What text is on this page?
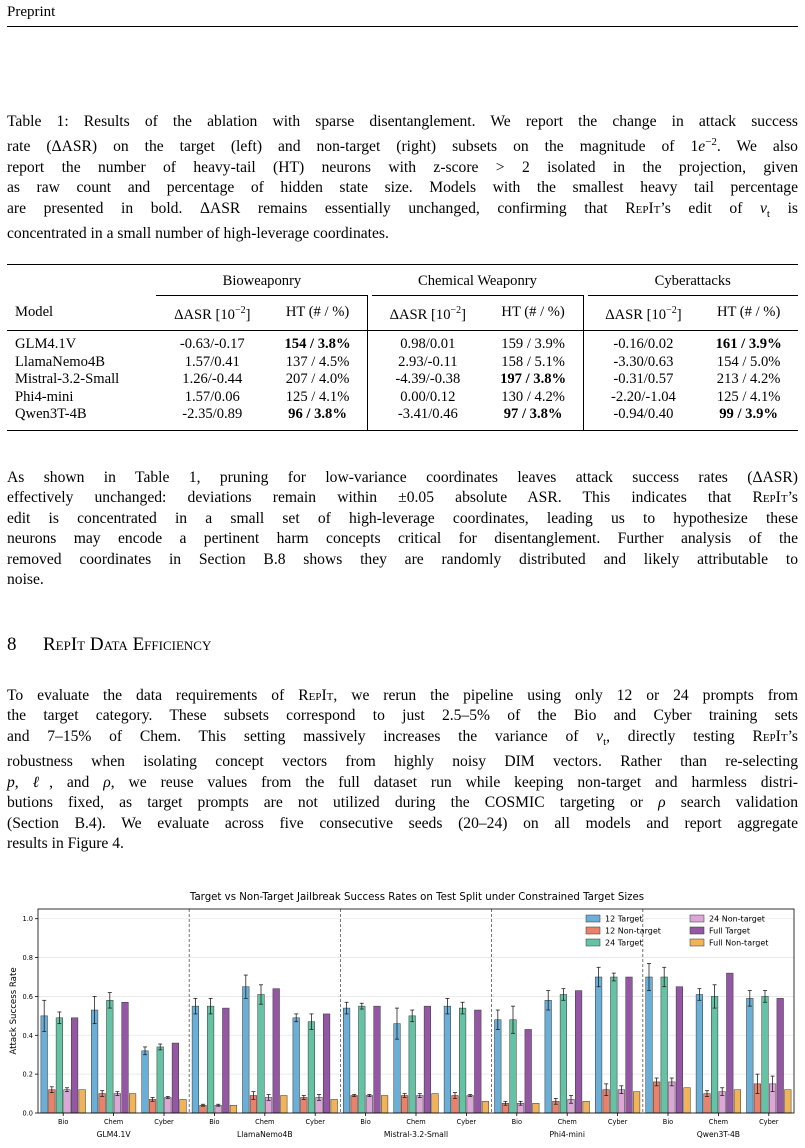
Preprint

Table 1: Results of the ablation with sparse disentanglement. We report the change in attack success
rate (ΔASR) on the target (left) and non-target (right) subsets on the magnitude of $1e^{-2}$. We also
report the number of heavy-tail (HT) neurons with z-score > 2 isolated in the projection, given
as raw count and percentage of hidden state size. Models with the smallest heavy tail percentage
are presented in bold. ΔASR remains essentially unchanged, confirming that RepIt’s edit of $v_t$ is
concentrated in a small number of high-leverage coordinates.

	Bioweaponry			Chemical Weaponry			Cyberattacks	
Model	ΔASR $[10^{-2}]$	HT (# / %)		ΔASR $[10^{-2}]$	HT (# / %)		ΔASR $[10^{-2}]$	HT (# / %)

GLM4.1V	-0.63/-0.17	154 / 3.8%		0.98/0.01	159 / 3.9%		-0.16/0.02	161 / 3.9%
LlamaNemo4B	1.57/0.41	137 / 4.5%		2.93/-0.11	158 / 5.1%		-3.30/0.63	154 / 5.0%
Mistral-3.2-Small	1.26/-0.44	207 / 4.0%		-4.39/-0.38	197 / 3.8%		-0.31/0.57	213 / 4.2%
Phi4-mini	1.57/0.06	125 / 4.1%		0.00/0.12	130 / 4.2%		-2.20/-1.04	125 / 4.1%
Qwen3T-4B	-2.35/0.89	96 / 3.8%		-3.41/0.46	97 / 3.8%		-0.94/0.40	99 / 3.9%

As shown in Table 1, pruning for low-variance coordinates leaves attack success rates (ΔASR)
effectively unchanged: deviations remain within ±0.05 absolute ASR. This indicates that RepIt’s
edit is concentrated in a small set of high-leverage coordinates, leading us to hypothesize these
neurons may encode a pertinent harm concepts critical for disentanglement. Further analysis of the
removed coordinates in Section B.8 shows they are randomly distributed and likely attributable to
noise.

8 RepIt Data Efficiency

To evaluate the data requirements of RepIt, we rerun the pipeline using only 12 or 24 prompts from
the target category. These subsets correspond to just 2.5–5% of the Bio and Cyber training sets
and 7–15% of Chem. This setting massively increases the variance of $v_t$, directly testing RepIt’s
robustness when isolating concept vectors from highly noisy DIM vectors. Rather than re-selecting
p, ℓ, and ρ, we reuse values from the full dataset run while keeping non-target and harmless distri-
butions fixed, as target prompts are not utilized during the COSMIC targeting or ρ search validation
(Section B.4). We evaluate across five consecutive seeds (20–24) on all models and report aggregate
results in Figure 4.

Target vs Non-Target Jailbreak Success Rates on Test Split under Constrained Target Sizes
Attack Success Rate
0.0
0.2
0.4
0.6
0.8
1.0
GLM4.1V
Bio	Chem	Cyber
LlamaNemo4B
Bio	Chem	Cyber
Mistral-3.2-Small
Bio	Chem	Cyber
Phi4-mini
Bio	Chem	Cyber
Qwen3T-4B
Bio	Chem	Cyber
12 Target
12 Non-target
24 Target
24 Non-target
Full Target
Full Non-target
